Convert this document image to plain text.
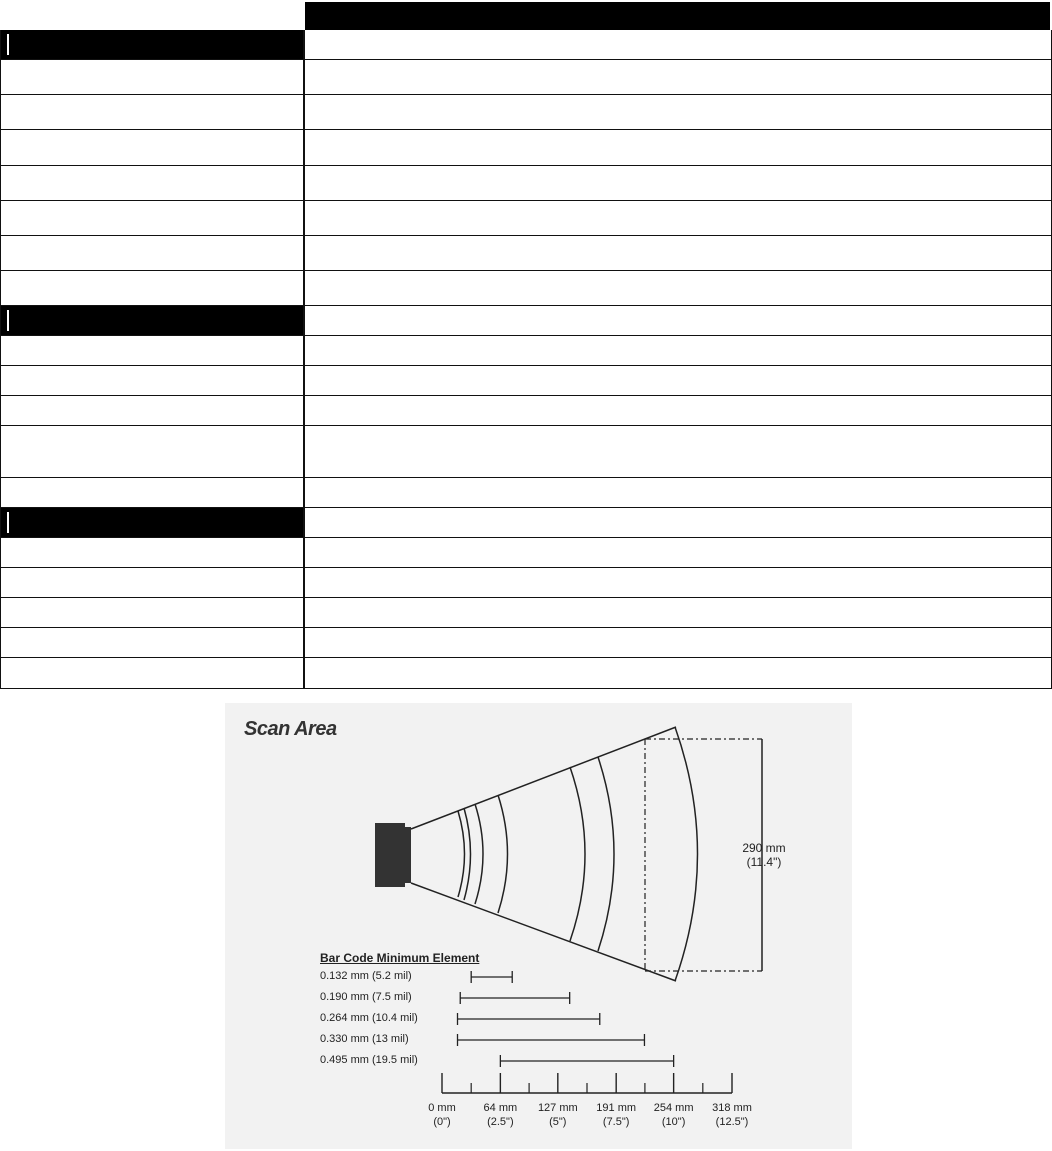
Scan Area
290 mm
(11.4")
Bar Code Minimum Element
0.132 mm (5.2 mil)
0.190 mm (7.5 mil)
0.264 mm (10.4 mil)
0.330 mm (13 mil)
0.495 mm (19.5 mil)
0 mm
(0")
64 mm
(2.5")
127 mm
(5")
191 mm
(7.5")
254 mm
(10")
318 mm
(12.5")
